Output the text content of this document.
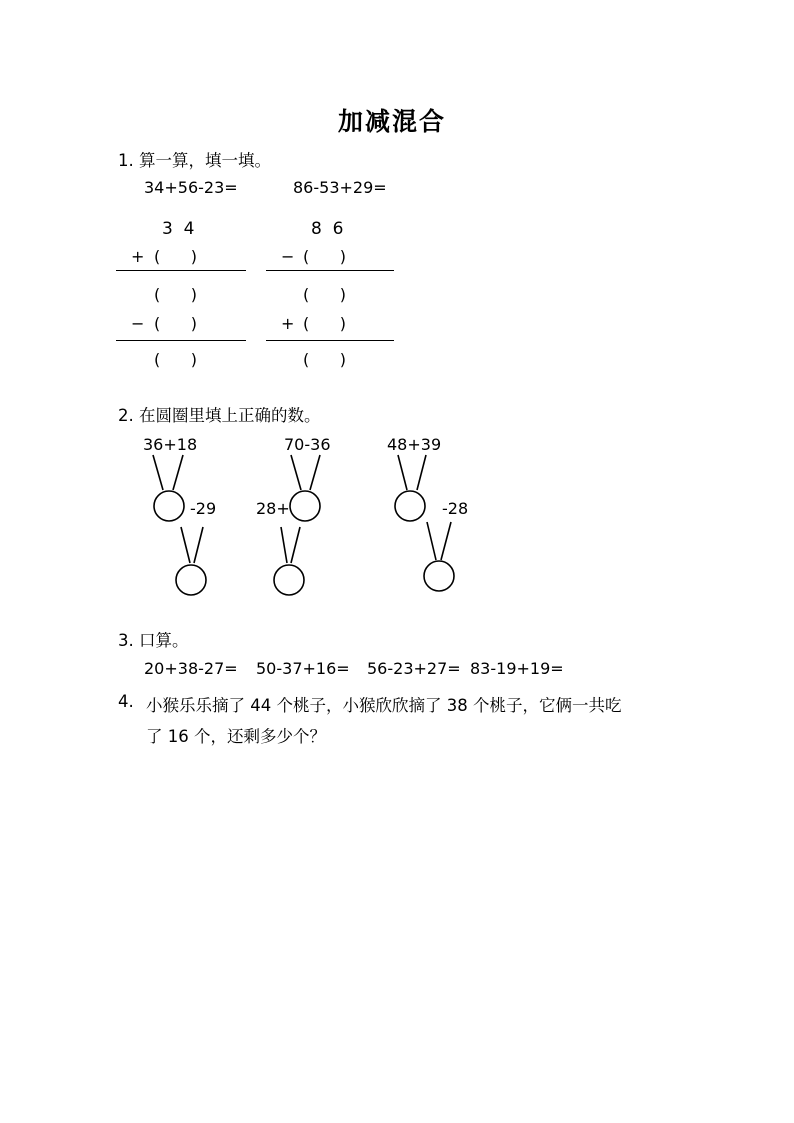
加减混合
1. 算一算，填一填。
34+56-23=	86-53+29=
3  4
+ (      )
(      )
− (      )
(      )
8  6
− (      )
(      )
+ (      )
(      )
2. 在圆圈里填上正确的数。
36+18
-29
70-36
28+
48+39
-28
3. 口算。
20+38-27= 50-37+16= 56-23+27= 83-19+19=
4. 小猴乐乐摘了 44 个桃子，小猴欣欣摘了 38 个桃子，它俩一共吃
了 16 个，还剩多少个？
